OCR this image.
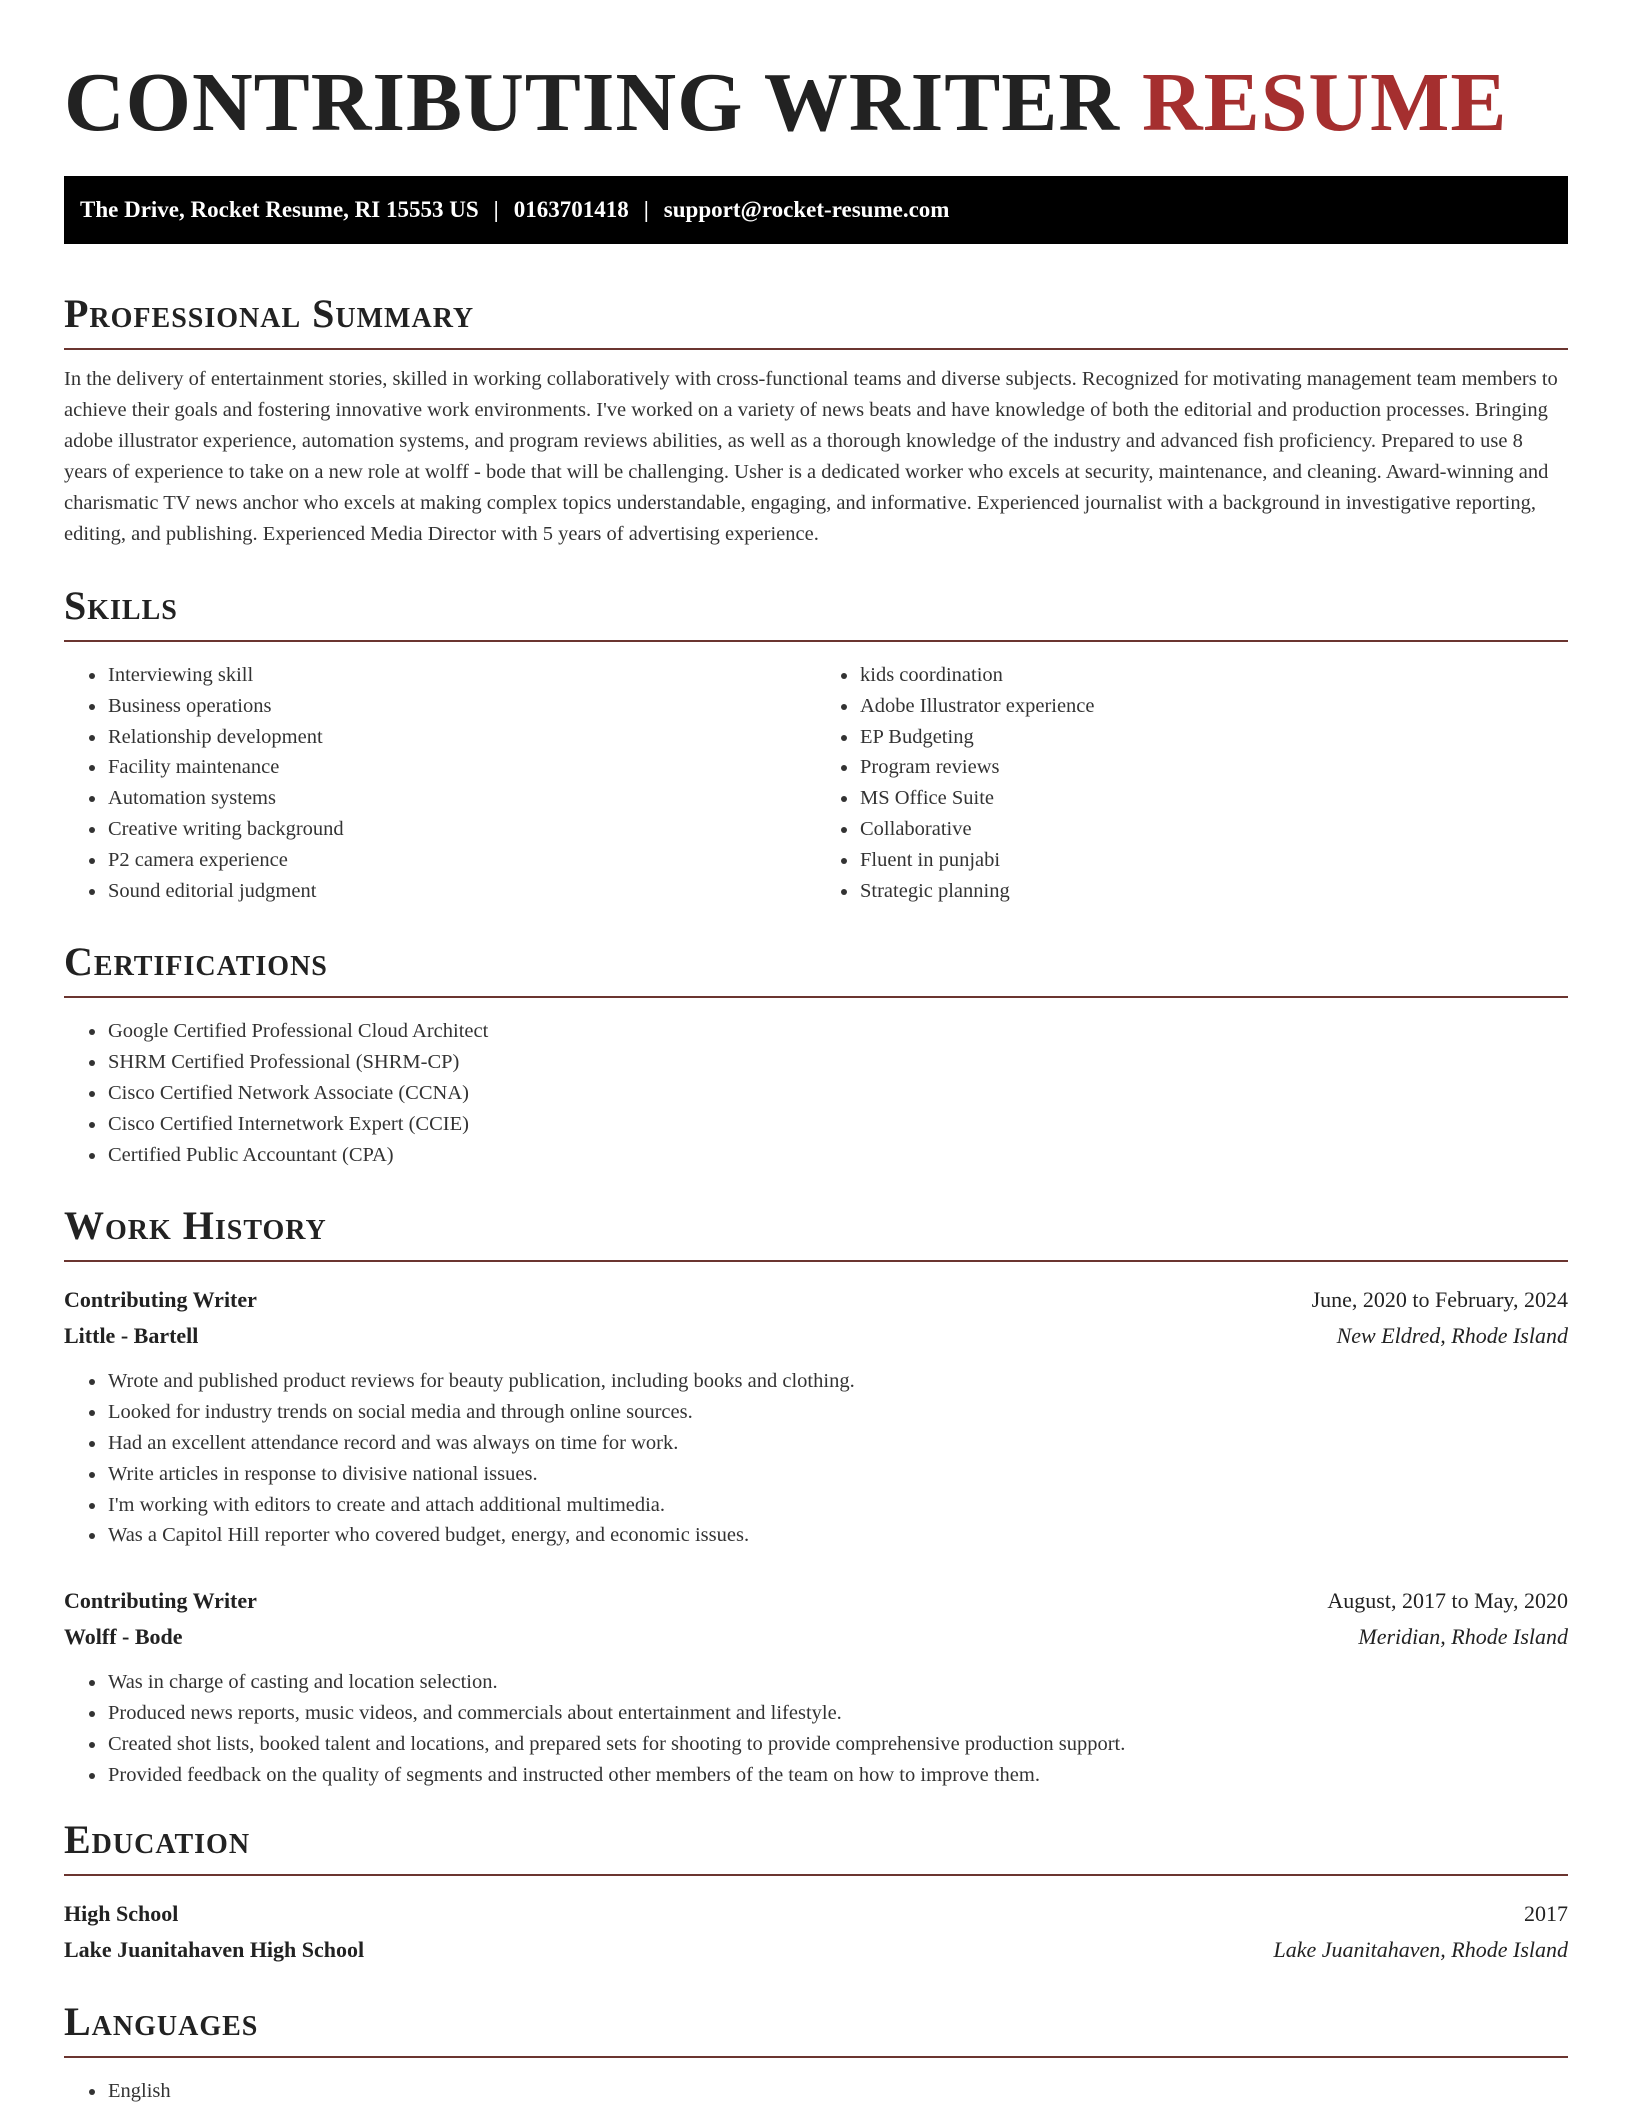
CONTRIBUTING WRITER RESUME
The Drive, Rocket Resume, RI 15553 US | 0163701418 | support@rocket-resume.com
Professional Summary

In the delivery of entertainment stories, skilled in working collaboratively with cross-functional teams and diverse subjects. Recognized for motivating management team members to achieve their goals and fostering innovative work environments. I've worked on a variety of news beats and have knowledge of both the editorial and production processes. Bringing adobe illustrator experience, automation systems, and program reviews abilities, as well as a thorough knowledge of the industry and advanced fish proficiency. Prepared to use 8 years of experience to take on a new role at wolff - bode that will be challenging. Usher is a dedicated worker who excels at security, maintenance, and cleaning. Award-winning and charismatic TV news anchor who excels at making complex topics understandable, engaging, and informative. Experienced journalist with a background in investigative reporting, editing, and publishing. Experienced Media Director with 5 years of advertising experience.

Skills
• Interviewing skill
• Business operations
• Relationship development
• Facility maintenance
• Automation systems
• Creative writing background
• P2 camera experience
• Sound editorial judgment
• kids coordination
• Adobe Illustrator experience
• EP Budgeting
• Program reviews
• MS Office Suite
• Collaborative
• Fluent in punjabi
• Strategic planning
Certifications
• Google Certified Professional Cloud Architect
• SHRM Certified Professional (SHRM-CP)
• Cisco Certified Network Associate (CCNA)
• Cisco Certified Internetwork Expert (CCIE)
• Certified Public Accountant (CPA)
Work History
Contributing Writer	June, 2020 to February, 2024
Little - Bartell	New Eldred, Rhode Island
• Wrote and published product reviews for beauty publication, including books and clothing.
• Looked for industry trends on social media and through online sources.
• Had an excellent attendance record and was always on time for work.
• Write articles in response to divisive national issues.
• I'm working with editors to create and attach additional multimedia.
• Was a Capitol Hill reporter who covered budget, energy, and economic issues.
Contributing Writer	August, 2017 to May, 2020
Wolff - Bode	Meridian, Rhode Island
• Was in charge of casting and location selection.
• Produced news reports, music videos, and commercials about entertainment and lifestyle.
• Created shot lists, booked talent and locations, and prepared sets for shooting to provide comprehensive production support.
• Provided feedback on the quality of segments and instructed other members of the team on how to improve them.
Education
High School	2017
Lake Juanitahaven High School	Lake Juanitahaven, Rhode Island
Languages
• English
